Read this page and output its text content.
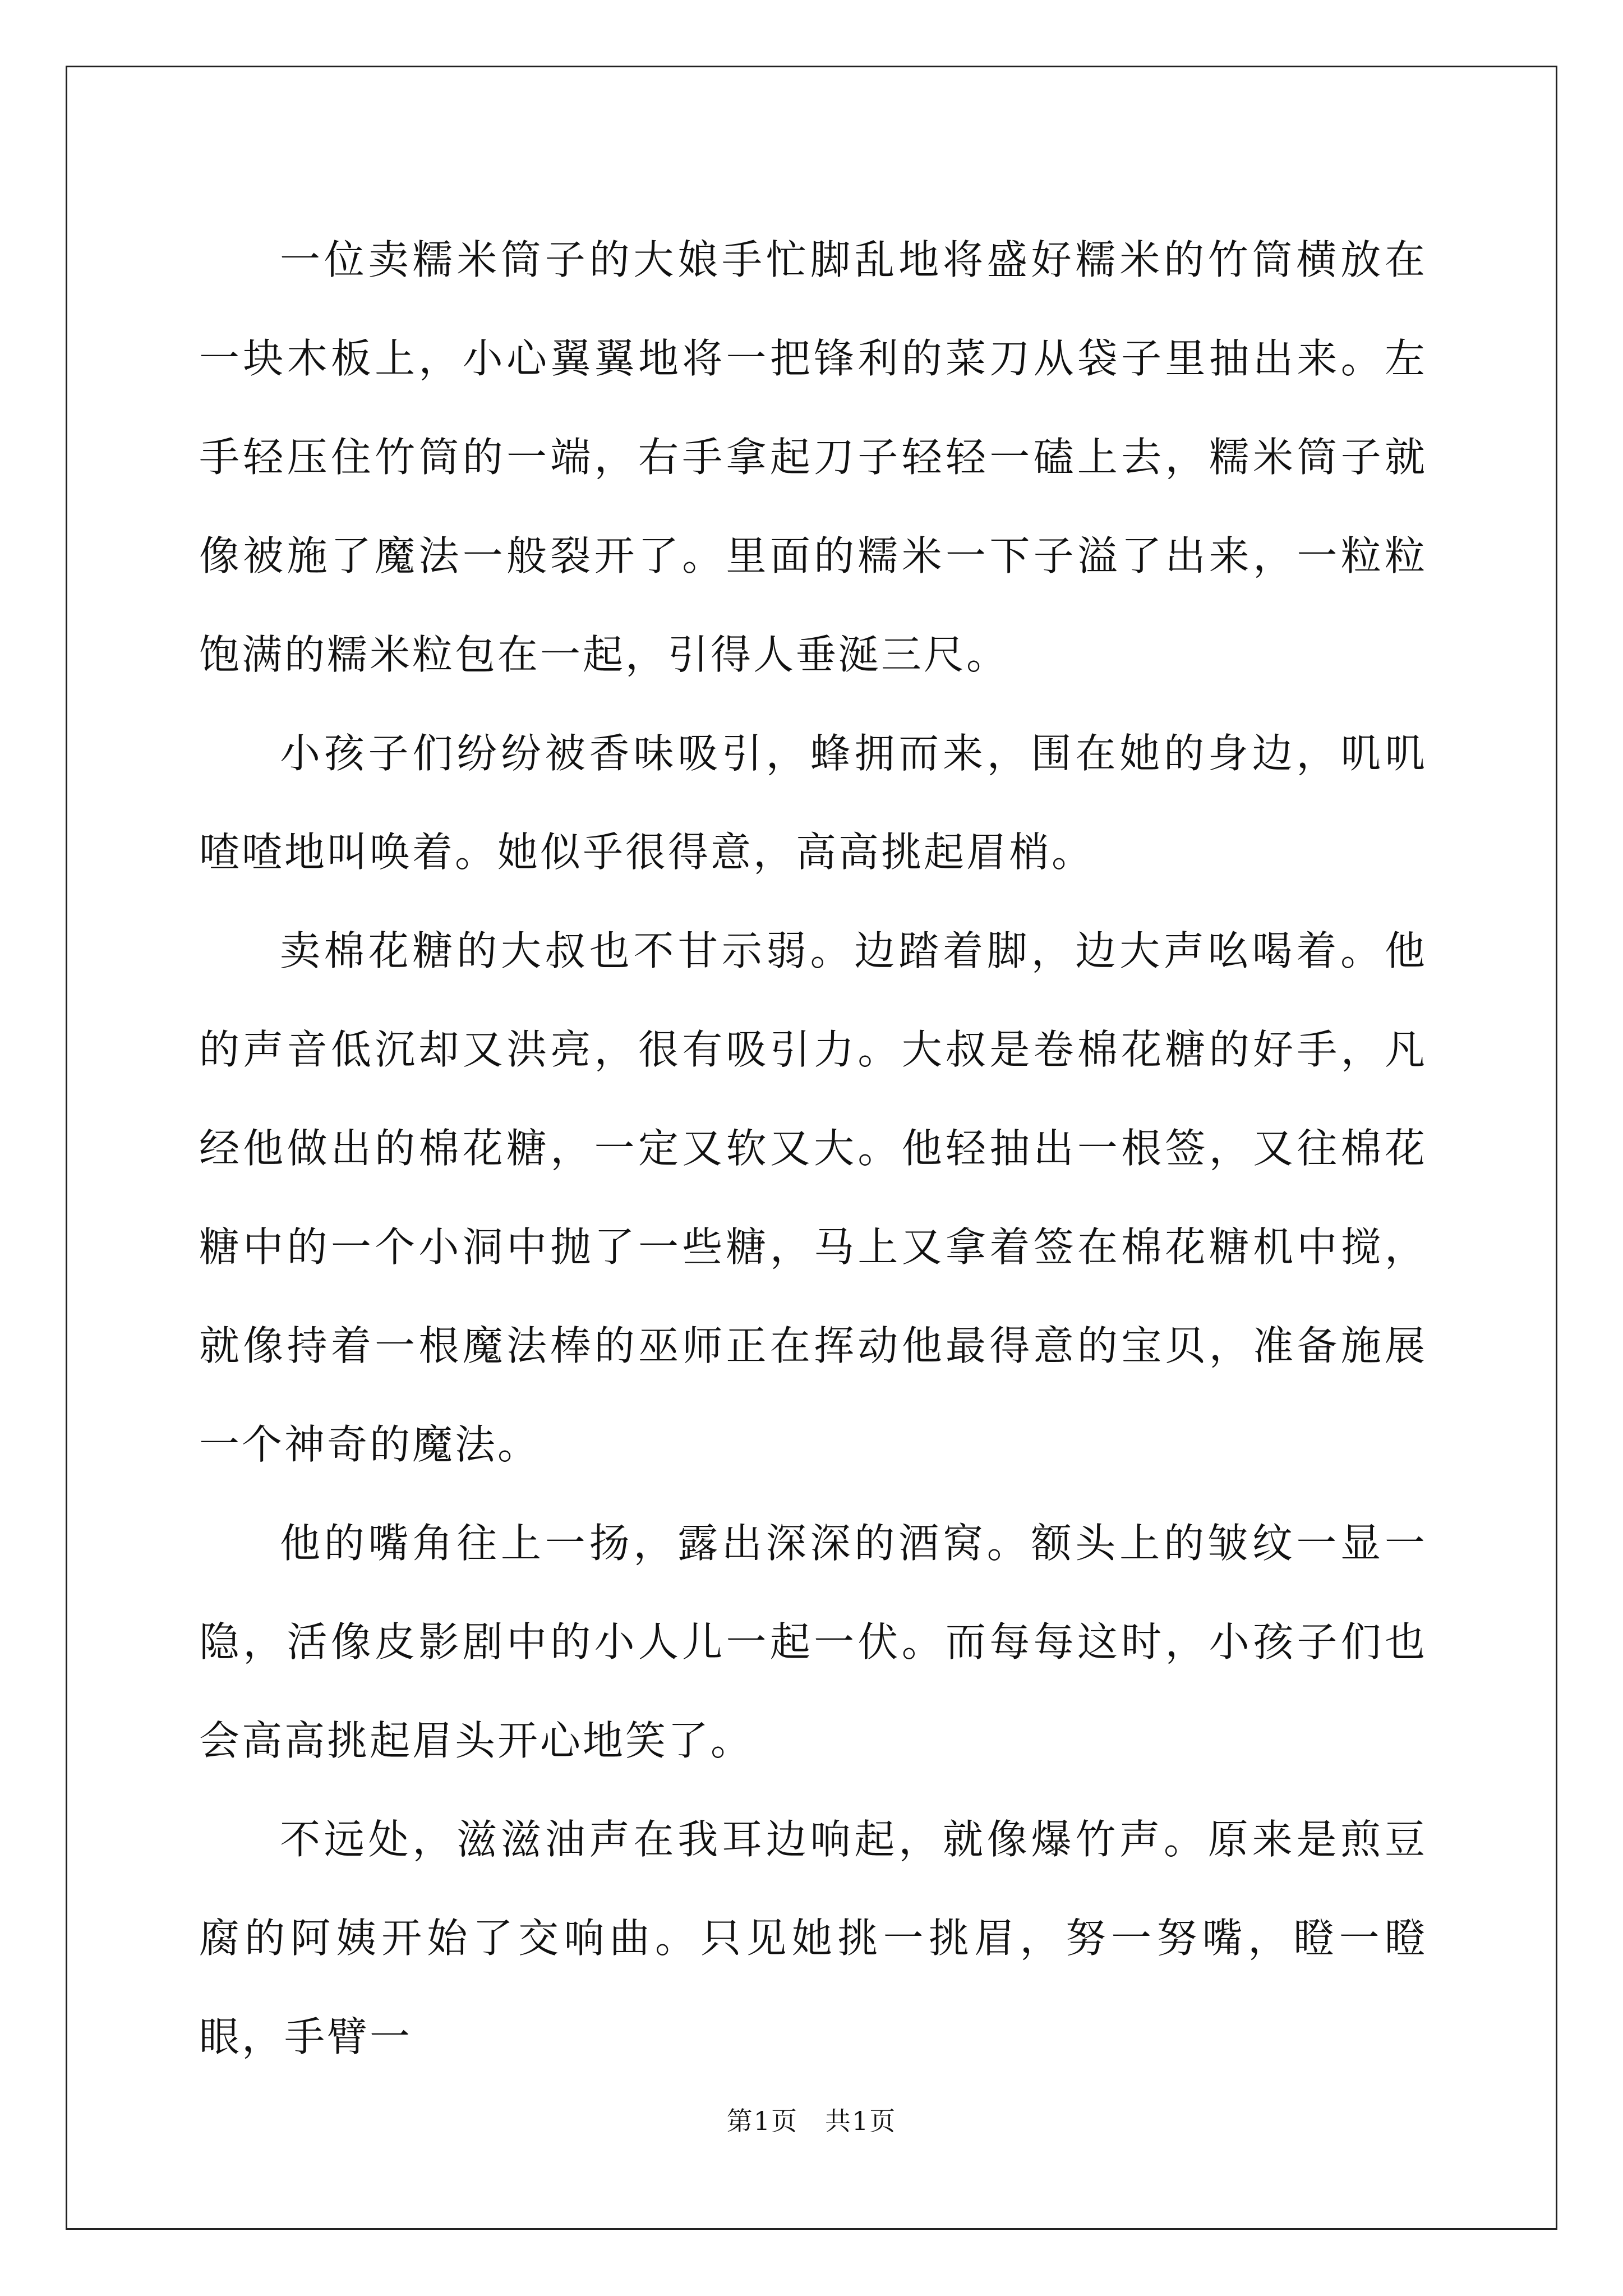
一位卖糯米筒子的大娘手忙脚乱地将盛好糯米的竹筒横放在一块木板上，小心翼翼地将一把锋利的菜刀从袋子里抽出来。左手轻压住竹筒的一端，右手拿起刀子轻轻一磕上去，糯米筒子就像被施了魔法一般裂开了。里面的糯米一下子溢了出来，一粒粒饱满的糯米粒包在一起，引得人垂涎三尺。

小孩子们纷纷被香味吸引，蜂拥而来，围在她的身边，叽叽喳喳地叫唤着。她似乎很得意，高高挑起眉梢。

卖棉花糖的大叔也不甘示弱。边踏着脚，边大声吆喝着。他的声音低沉却又洪亮，很有吸引力。大叔是卷棉花糖的好手，凡经他做出的棉花糖，一定又软又大。他轻抽出一根签，又往棉花糖中的一个小洞中抛了一些糖，马上又拿着签在棉花糖机中搅，就像持着一根魔法棒的巫师正在挥动他最得意的宝贝，准备施展一个神奇的魔法。

他的嘴角往上一扬，露出深深的酒窝。额头上的皱纹一显一隐，活像皮影剧中的小人儿一起一伏。而每每这时，小孩子们也会高高挑起眉头开心地笑了。

不远处，滋滋油声在我耳边响起，就像爆竹声。原来是煎豆腐的阿姨开始了交响曲。只见她挑一挑眉，努一努嘴，瞪一瞪眼，手臂一

第1页　共1页
